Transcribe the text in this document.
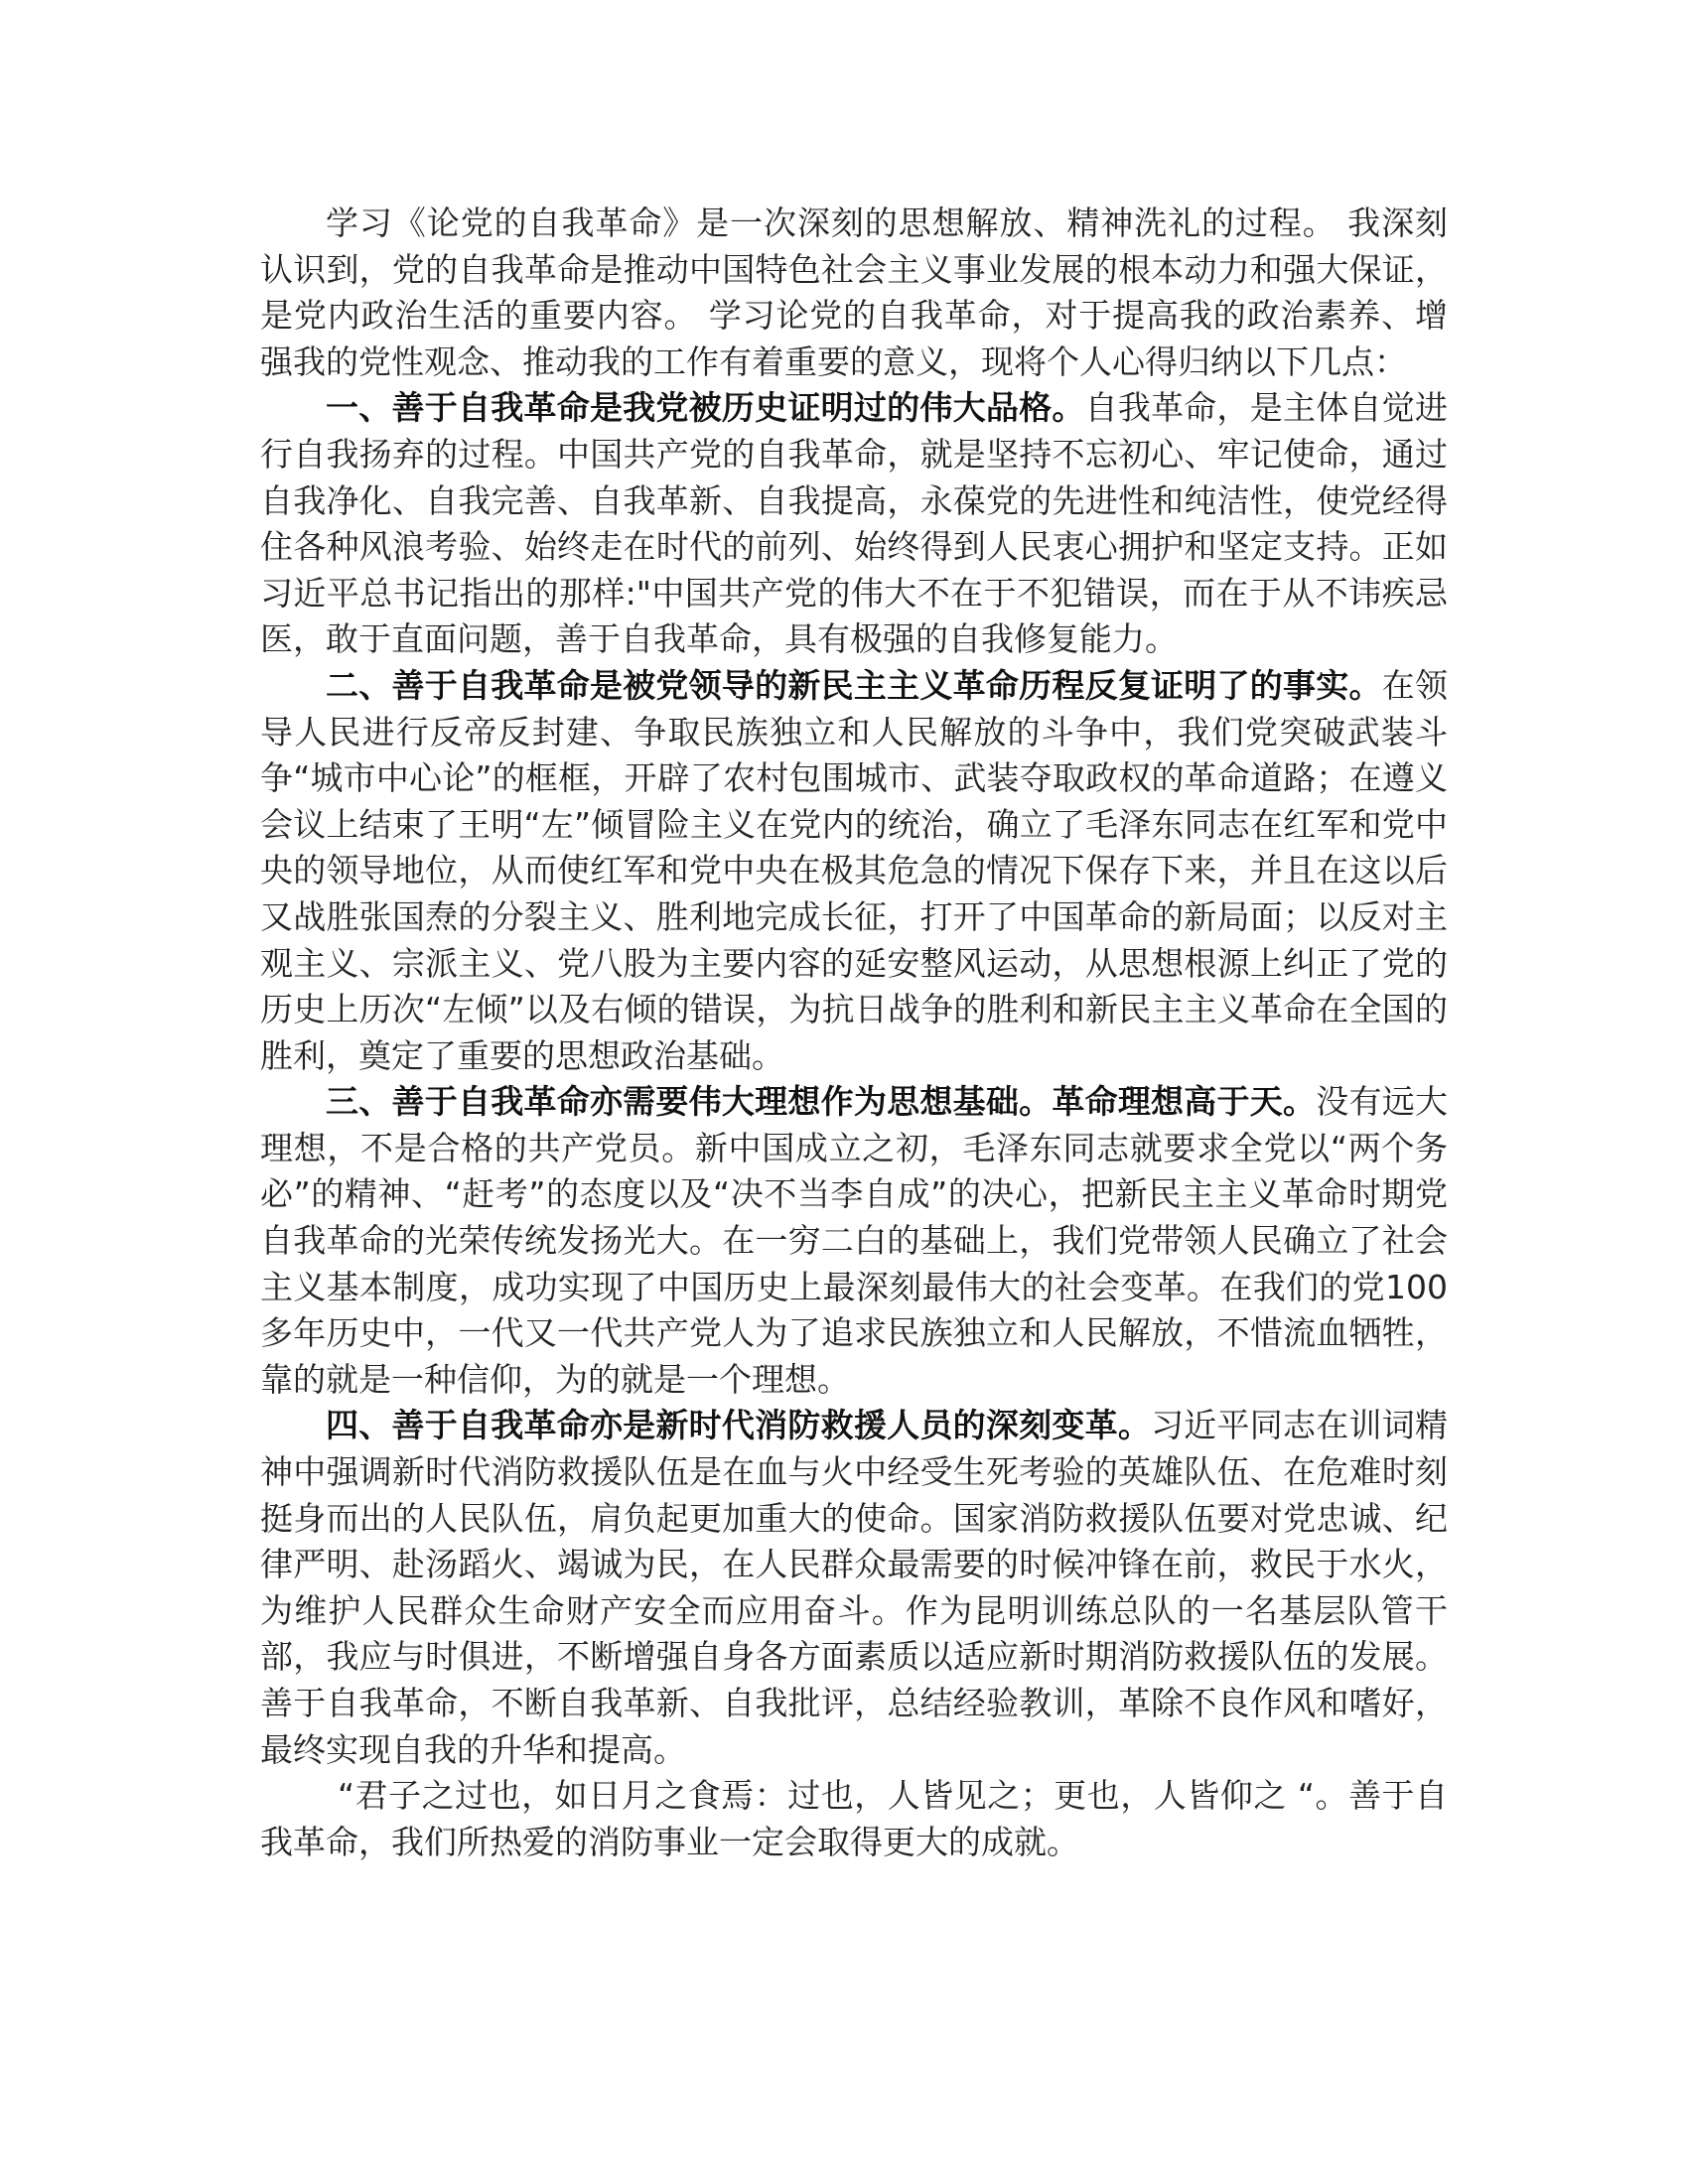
学习《论党的自我革命》是一次深刻的思想解放、精神洗礼的过程。 我深刻认识到，党的自我革命是推动中国特色社会主义事业发展的根本动力和强大保证，是党内政治生活的重要内容。 学习论党的自我革命，对于提高我的政治素养、增强我的党性观念、推动我的工作有着重要的意义，现将个人心得归纳以下几点：

一、善于自我革命是我党被历史证明过的伟大品格。自我革命，是主体自觉进行自我扬弃的过程。中国共产党的自我革命，就是坚持不忘初心、牢记使命，通过自我净化、自我完善、自我革新、自我提高，永葆党的先进性和纯洁性，使党经得住各种风浪考验、始终走在时代的前列、始终得到人民衷心拥护和坚定支持。正如习近平总书记指出的那样:"中国共产党的伟大不在于不犯错误，而在于从不讳疾忌医，敢于直面问题，善于自我革命，具有极强的自我修复能力。

二、善于自我革命是被党领导的新民主主义革命历程反复证明了的事实。在领导人民进行反帝反封建、争取民族独立和人民解放的斗争中，我们党突破武装斗争“城市中心论”的框框，开辟了农村包围城市、武装夺取政权的革命道路；在遵义会议上结束了王明“左”倾冒险主义在党内的统治，确立了毛泽东同志在红军和党中央的领导地位，从而使红军和党中央在极其危急的情况下保存下来，并且在这以后又战胜张国焘的分裂主义、胜利地完成长征，打开了中国革命的新局面；以反对主观主义、宗派主义、党八股为主要内容的延安整风运动，从思想根源上纠正了党的历史上历次“左倾”以及右倾的错误，为抗日战争的胜利和新民主主义革命在全国的胜利，奠定了重要的思想政治基础。

三、善于自我革命亦需要伟大理想作为思想基础。革命理想高于天。没有远大理想，不是合格的共产党员。新中国成立之初，毛泽东同志就要求全党以“两个务必”的精神、“赶考”的态度以及“决不当李自成”的决心，把新民主主义革命时期党自我革命的光荣传统发扬光大。在一穷二白的基础上，我们党带领人民确立了社会主义基本制度，成功实现了中国历史上最深刻最伟大的社会变革。在我们的党100多年历史中，一代又一代共产党人为了追求民族独立和人民解放，不惜流血牺牲，靠的就是一种信仰，为的就是一个理想。

四、善于自我革命亦是新时代消防救援人员的深刻变革。习近平同志在训词精神中强调新时代消防救援队伍是在血与火中经受生死考验的英雄队伍、在危难时刻挺身而出的人民队伍，肩负起更加重大的使命。国家消防救援队伍要对党忠诚、纪律严明、赴汤蹈火、竭诚为民，在人民群众最需要的时候冲锋在前，救民于水火，为维护人民群众生命财产安全而应用奋斗。作为昆明训练总队的一名基层队管干部，我应与时俱进，不断增强自身各方面素质以适应新时期消防救援队伍的发展。善于自我革命，不断自我革新、自我批评，总结经验教训，革除不良作风和嗜好，最终实现自我的升华和提高。

“君子之过也，如日月之食焉：过也，人皆见之；更也，人皆仰之 “。善于自我革命，我们所热爱的消防事业一定会取得更大的成就。
